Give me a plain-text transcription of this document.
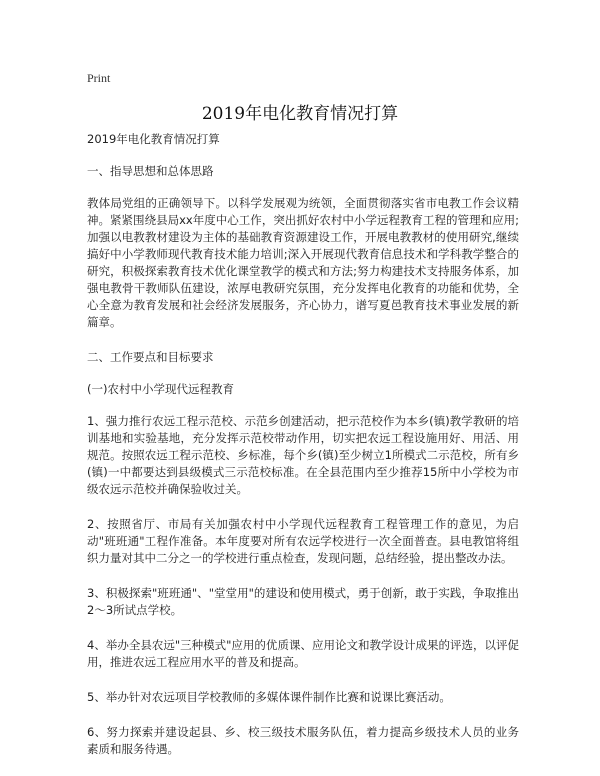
Print
2019年电化教育情况打算

2019年电化教育情况打算

一、指导思想和总体思路

教体局党组的正确领导下。以科学发展观为统领，全面贯彻落实省市电教工作会议精神。紧紧围绕县局xx年度中心工作，突出抓好农村中小学远程教育工程的管理和应用;加强以电教教材建设为主体的基础教育资源建设工作，开展电教教材的使用研究,继续搞好中小学教师现代教育技术能力培训;深入开展现代教育信息技术和学科教学整合的研究，积极探索教育技术优化课堂教学的模式和方法;努力构建技术支持服务体系，加强电教骨干教师队伍建设，浓厚电教研究氛围，充分发挥电化教育的功能和优势，全心全意为教育发展和社会经济发展服务，齐心协力，谱写夏邑教育技术事业发展的新篇章。

二、工作要点和目标要求

(一)农村中小学现代远程教育

1、强力推行农远工程示范校、示范乡创建活动，把示范校作为本乡(镇)教学教研的培训基地和实验基地，充分发挥示范校带动作用，切实把农远工程设施用好、用活、用规范。按照农远工程示范校、乡标准，每个乡(镇)至少树立1所模式二示范校，所有乡(镇)一中都要达到县级模式三示范校标准。在全县范围内至少推荐15所中小学校为市级农远示范校并确保验收过关。

2、按照省厅、市局有关加强农村中小学现代远程教育工程管理工作的意见，为启动"班班通"工程作准备。本年度要对所有农远学校进行一次全面普查。县电教馆将组织力量对其中二分之一的学校进行重点检查，发现问题，总结经验，提出整改办法。

3、积极探索"班班通"、"堂堂用"的建设和使用模式，勇于创新，敢于实践，争取推出2～3所试点学校。

4、举办全县农远"三种模式"应用的优质课、应用论文和教学设计成果的评选，以评促用，推进农远工程应用水平的普及和提高。

5、举办针对农远项目学校教师的多媒体课件制作比赛和说课比赛活动。

6、努力探索并建设起县、乡、校三级技术服务队伍，着力提高乡级技术人员的业务素质和服务待遇。
